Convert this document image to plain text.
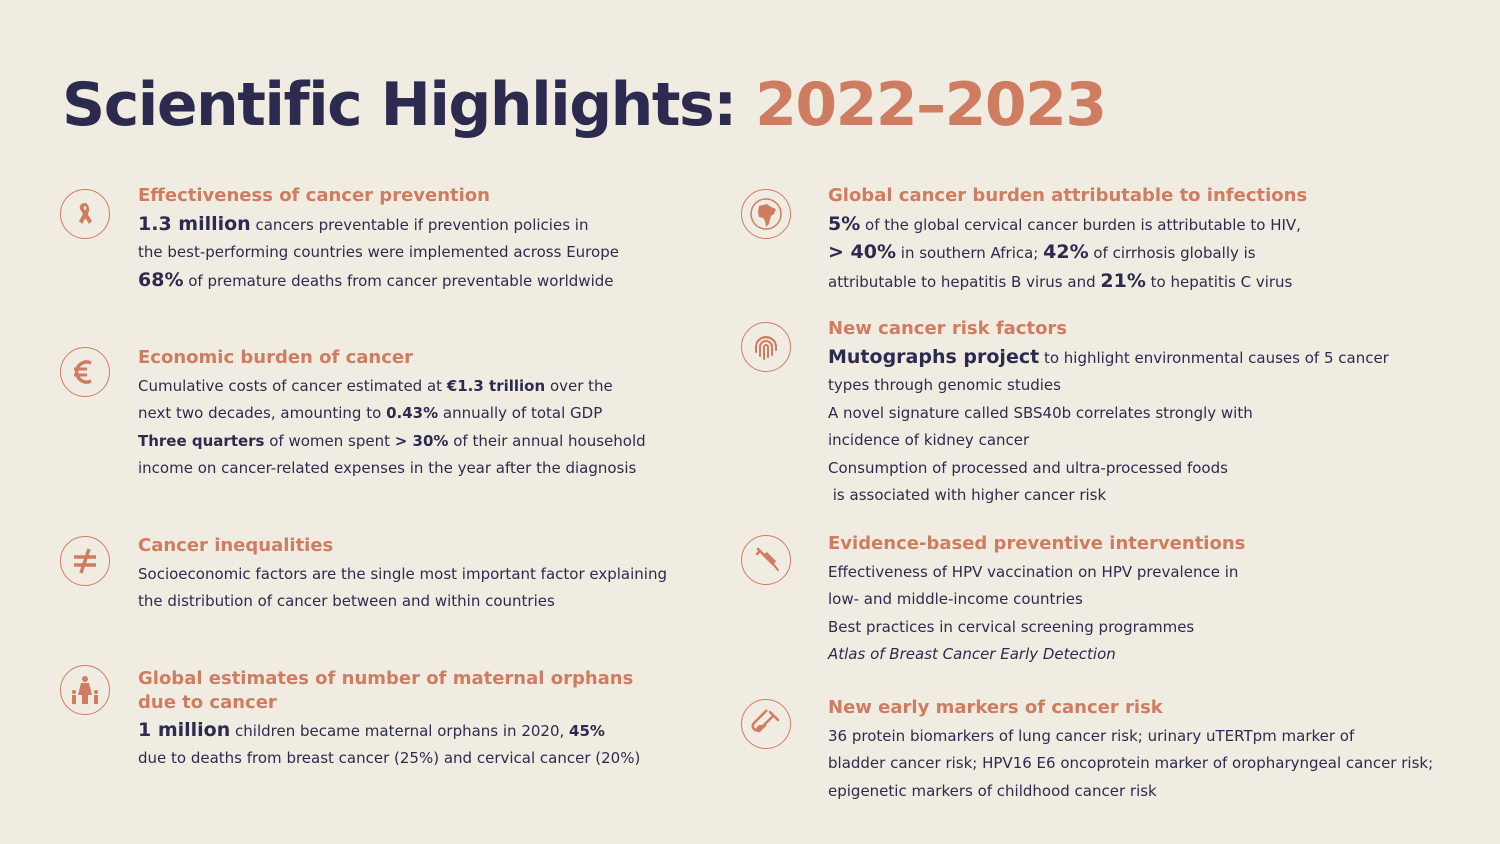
Scientific Highlights: 2022–2023
Effectiveness of cancer prevention
1.3 million cancers preventable if prevention policies in
the best-performing countries were implemented across Europe
68% of premature deaths from cancer preventable worldwide
Economic burden of cancer
Cumulative costs of cancer estimated at €1.3 trillion over the
next two decades, amounting to 0.43% annually of total GDP
Three quarters of women spent > 30% of their annual household
income on cancer-related expenses in the year after the diagnosis
Cancer inequalities
Socioeconomic factors are the single most important factor explaining
the distribution of cancer between and within countries
Global estimates of number of maternal orphans
due to cancer
1 million children became maternal orphans in 2020, 45%
due to deaths from breast cancer (25%) and cervical cancer (20%)
Global cancer burden attributable to infections
5% of the global cervical cancer burden is attributable to HIV,
> 40% in southern Africa; 42% of cirrhosis globally is
attributable to hepatitis B virus and 21% to hepatitis C virus
New cancer risk factors
Mutographs project to highlight environmental causes of 5 cancer
types through genomic studies
A novel signature called SBS40b correlates strongly with
incidence of kidney cancer
Consumption of processed and ultra-processed foods
is associated with higher cancer risk
Evidence-based preventive interventions
Effectiveness of HPV vaccination on HPV prevalence in
low- and middle-income countries
Best practices in cervical screening programmes
Atlas of Breast Cancer Early Detection
New early markers of cancer risk
36 protein biomarkers of lung cancer risk; urinary uTERTpm marker of
bladder cancer risk; HPV16 E6 oncoprotein marker of oropharyngeal cancer risk;
epigenetic markers of childhood cancer risk
